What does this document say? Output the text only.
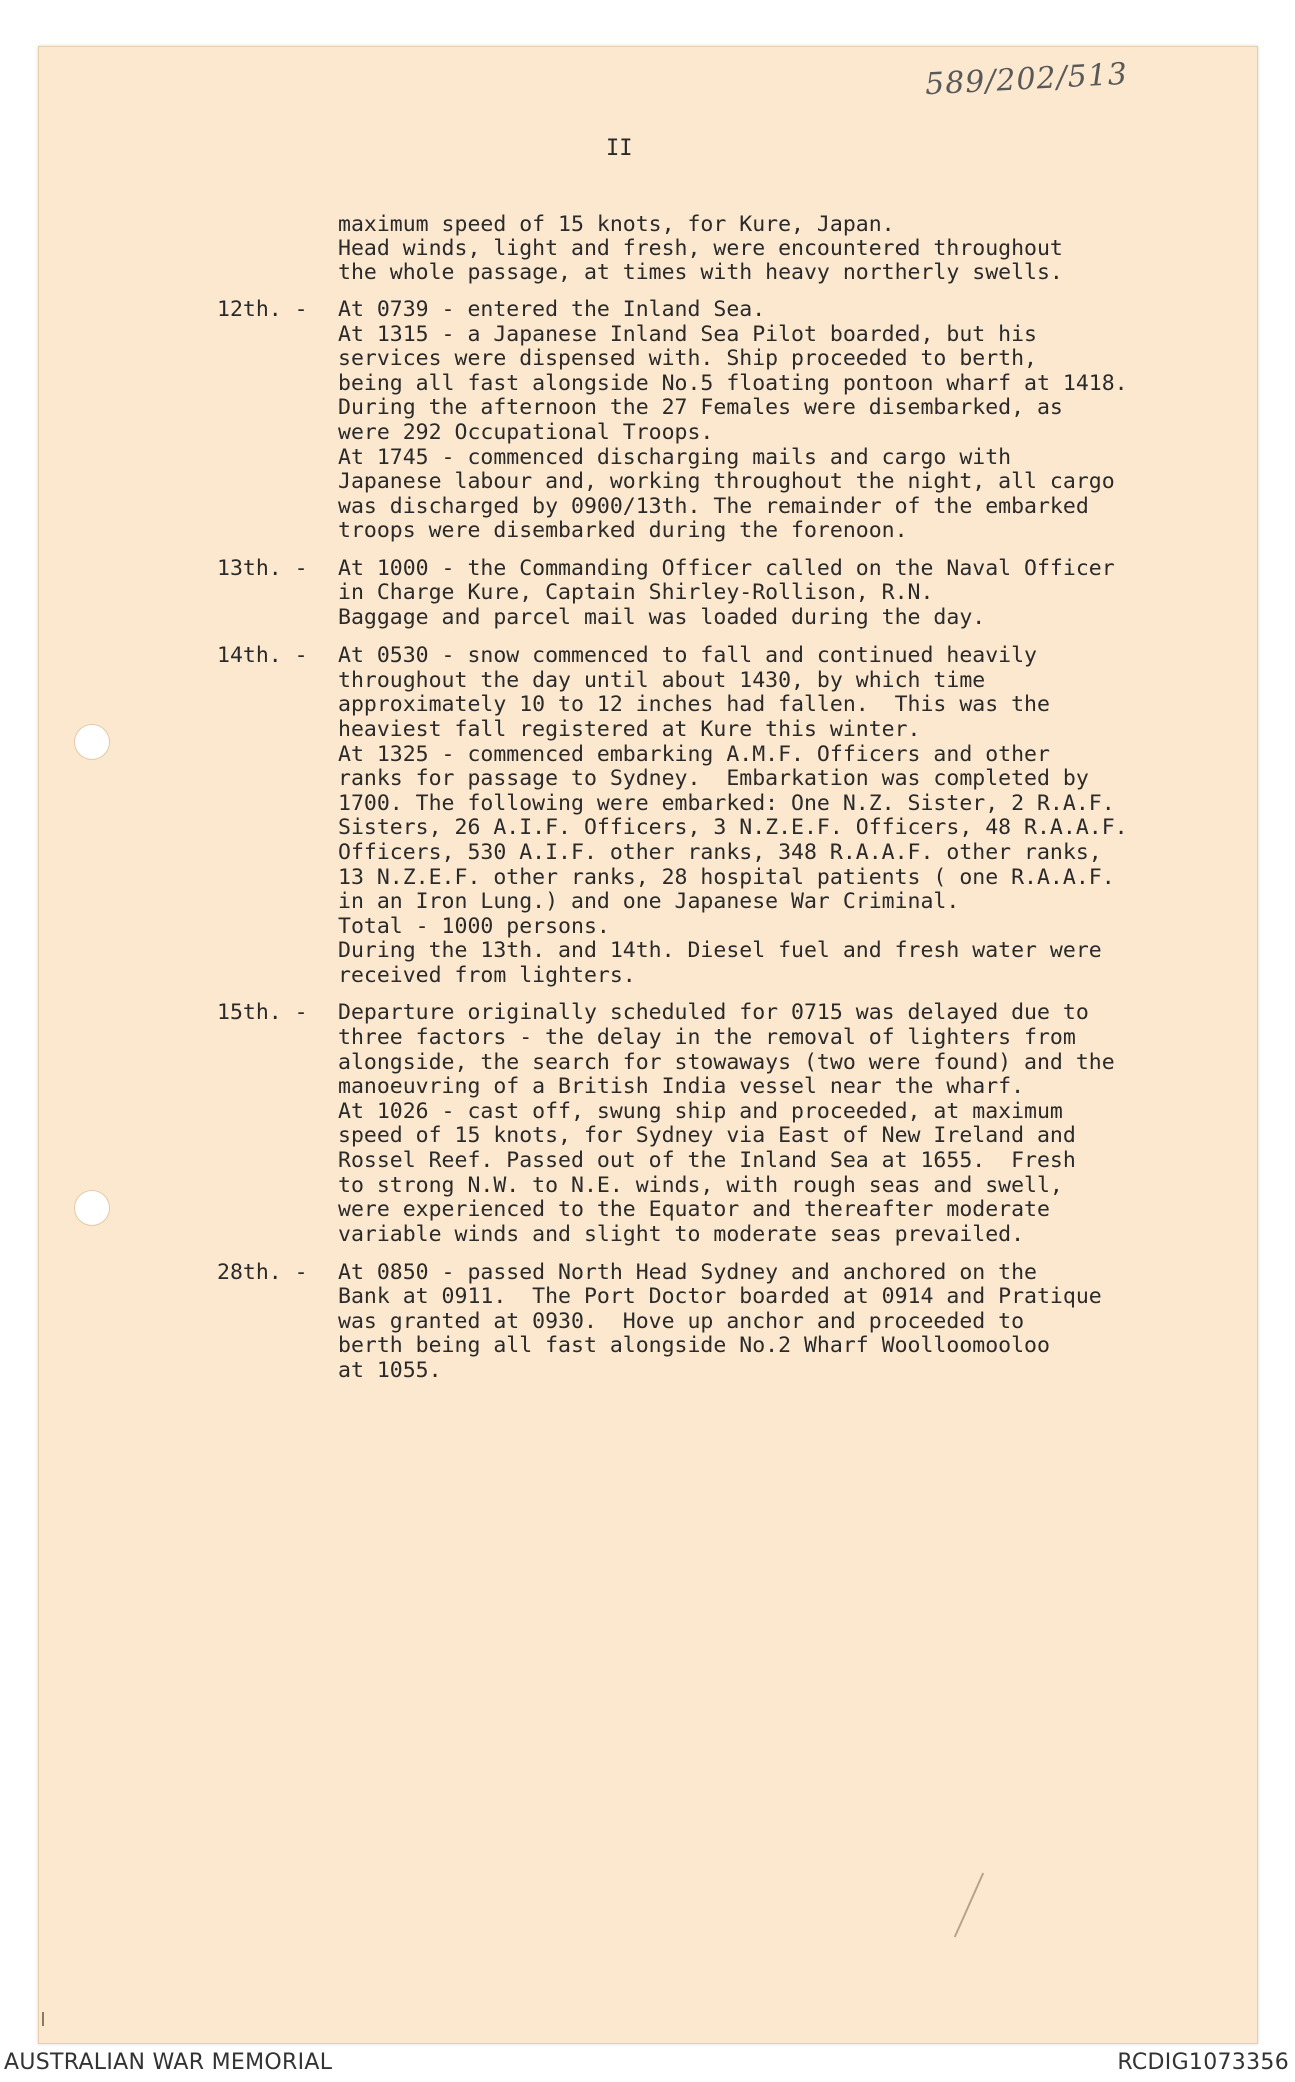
589/202/513
II

maximum speed of 15 knots, for Kure, Japan.

Head winds, light and fresh, were encountered throughout

the whole passage, at times with heavy northerly swells.

12th. -

At 0739 - entered the Inland Sea.

At 1315 - a Japanese Inland Sea Pilot boarded, but his

services were dispensed with. Ship proceeded to berth,

being all fast alongside No.5 floating pontoon wharf at 1418.

During the afternoon the 27 Females were disembarked, as

were 292 Occupational Troops.

At 1745 - commenced discharging mails and cargo with

Japanese labour and, working throughout the night, all cargo

was discharged by 0900/13th. The remainder of the embarked

troops were disembarked during the forenoon.

13th. -

At 1000 - the Commanding Officer called on the Naval Officer

in Charge Kure, Captain Shirley-Rollison, R.N.

Baggage and parcel mail was loaded during the day.

14th. -

At 0530 - snow commenced to fall and continued heavily

throughout the day until about 1430, by which time

approximately 10 to 12 inches had fallen.  This was the

heaviest fall registered at Kure this winter.

At 1325 - commenced embarking A.M.F. Officers and other

ranks for passage to Sydney.  Embarkation was completed by

1700. The following were embarked: One N.Z. Sister, 2 R.A.F.

Sisters, 26 A.I.F. Officers, 3 N.Z.E.F. Officers, 48 R.A.A.F.

Officers, 530 A.I.F. other ranks, 348 R.A.A.F. other ranks,

13 N.Z.E.F. other ranks, 28 hospital patients ( one R.A.A.F.

in an Iron Lung.) and one Japanese War Criminal.

Total - 1000 persons.

During the 13th. and 14th. Diesel fuel and fresh water were

received from lighters.

15th. -

Departure originally scheduled for 0715 was delayed due to

three factors - the delay in the removal of lighters from

alongside, the search for stowaways (two were found) and the

manoeuvring of a British India vessel near the wharf.

At 1026 - cast off, swung ship and proceeded, at maximum

speed of 15 knots, for Sydney via East of New Ireland and

Rossel Reef. Passed out of the Inland Sea at 1655.  Fresh

to strong N.W. to N.E. winds, with rough seas and swell,

were experienced to the Equator and thereafter moderate

variable winds and slight to moderate seas prevailed.

28th. -

At 0850 - passed North Head Sydney and anchored on the

Bank at 0911.  The Port Doctor boarded at 0914 and Pratique

was granted at 0930.  Hove up anchor and proceeded to

berth being all fast alongside No.2 Wharf Woolloomooloo

at 1055.

AUSTRALIAN WAR MEMORIAL	RCDIG1073356
